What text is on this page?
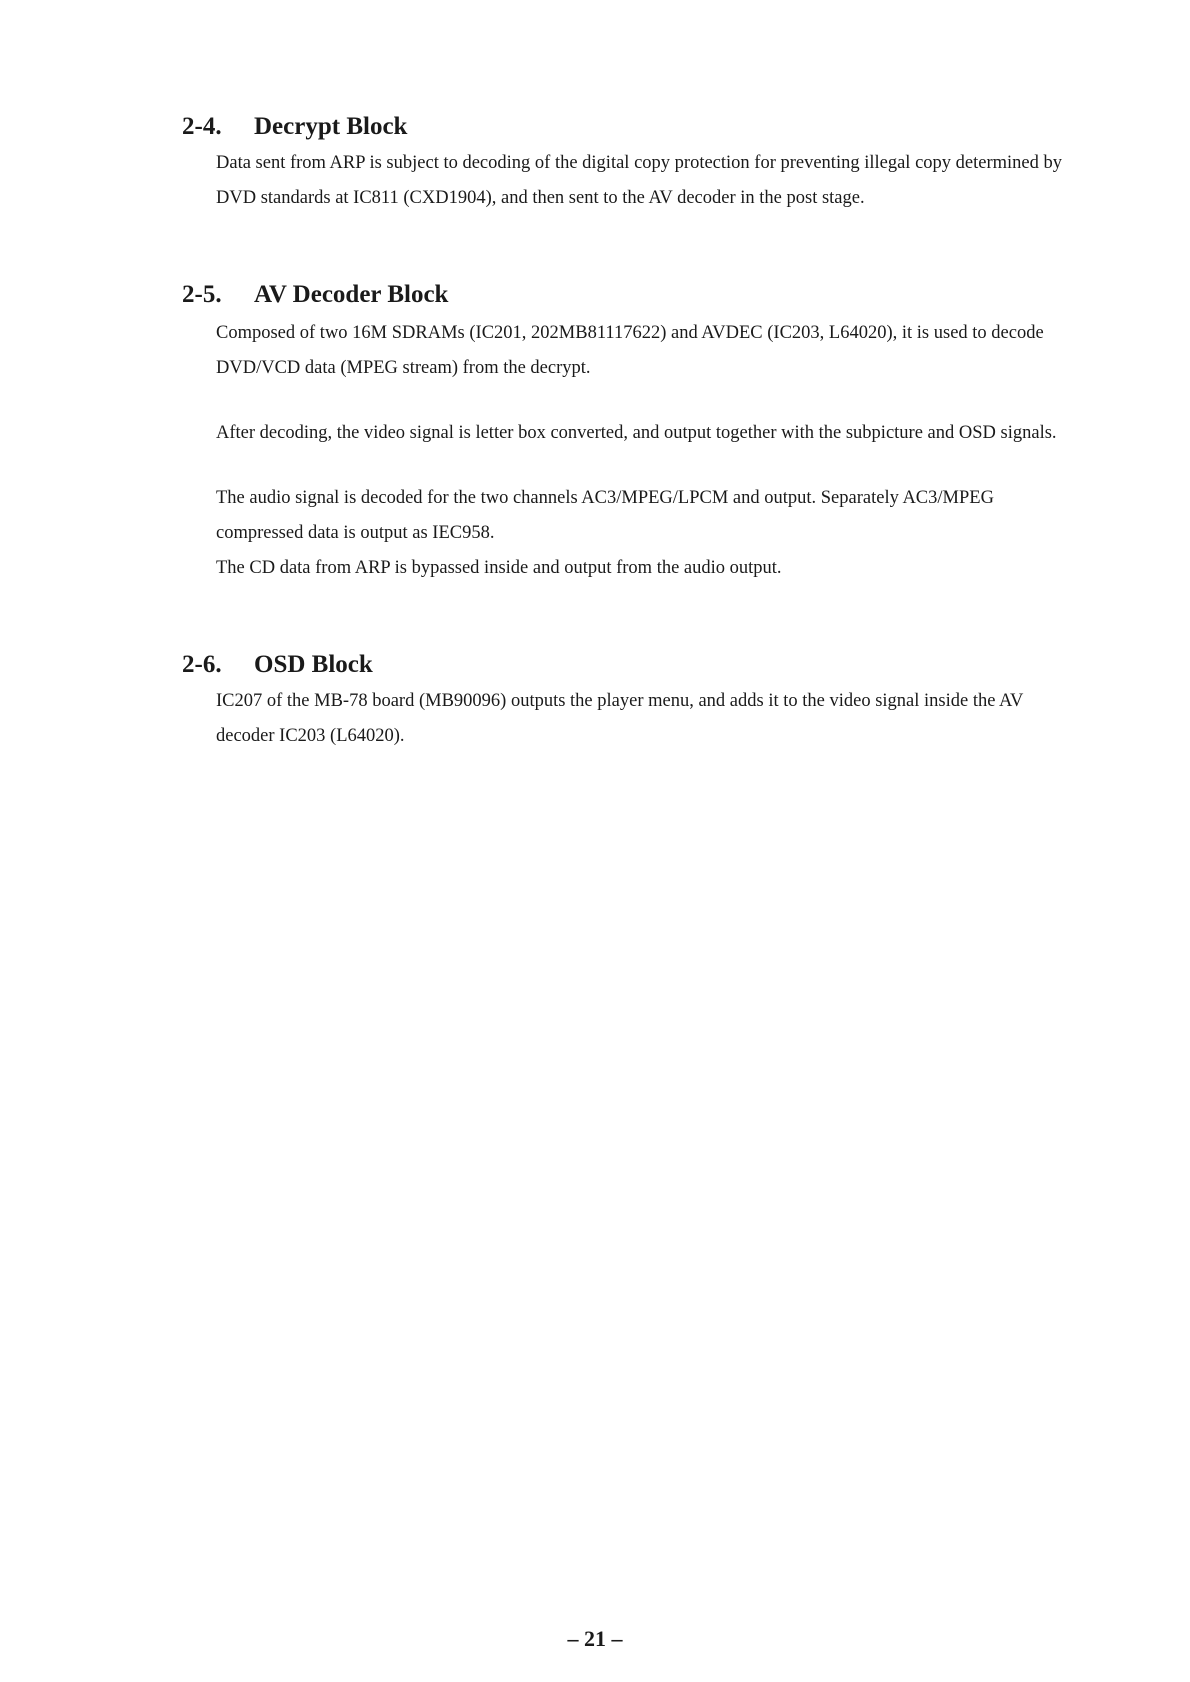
2-4. Decrypt Block

Data sent from ARP is subject to decoding of the digital copy protection for preventing illegal copy determined by DVD standards at IC811 (CXD1904), and then sent to the AV decoder in the post stage.

2-5. AV Decoder Block

Composed of two 16M SDRAMs (IC201, 202MB81117622) and AVDEC (IC203, L64020), it is used to decode DVD/VCD data (MPEG stream) from the decrypt.

After decoding, the video signal is letter box converted, and output together with the subpicture and OSD signals.

The audio signal is decoded for the two channels AC3/MPEG/LPCM and output. Separately AC3/MPEG compressed data is output as IEC958.

The CD data from ARP is bypassed inside and output from the audio output.

2-6. OSD Block

IC207 of the MB-78 board (MB90096) outputs the player menu, and adds it to the video signal inside the AV decoder IC203 (L64020).

– 21 –
